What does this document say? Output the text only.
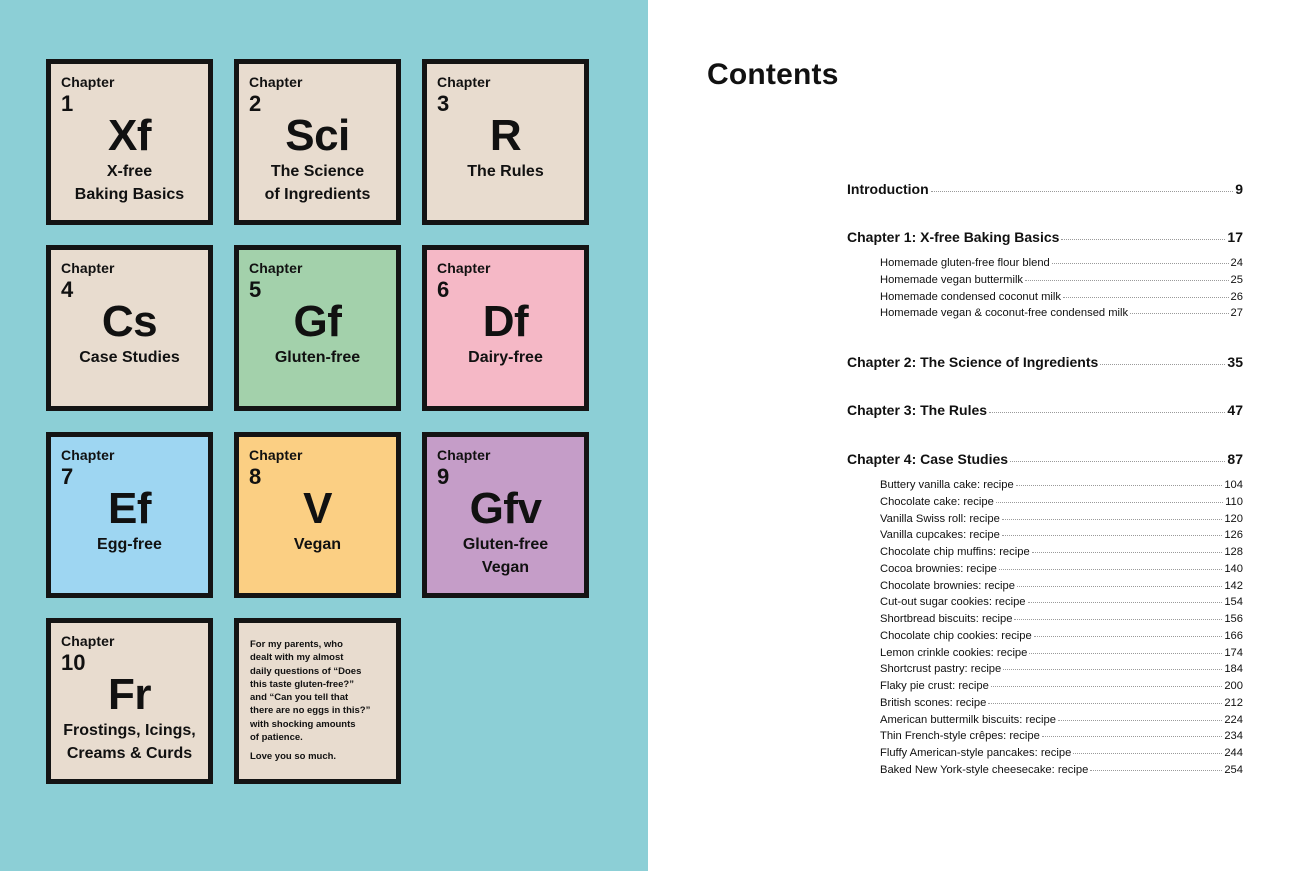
Chapter
1
Xf
X-free
Baking Basics
Chapter
2
Sci
The Science
of Ingredients
Chapter
3
R
The Rules
Chapter
4
Cs
Case Studies
Chapter
5
Gf
Gluten-free
Chapter
6
Df
Dairy-free
Chapter
7
Ef
Egg-free
Chapter
8
V
Vegan
Chapter
9
Gfv
Gluten-free
Vegan
Chapter
10
Fr
Frostings, Icings,
Creams & Curds
For my parents, who
dealt with my almost
daily questions of “Does
this taste gluten-free?”
and “Can you tell that
there are no eggs in this?”
with shocking amounts
of patience.
Love you so much.
Contents
Introduction	9
Chapter 1: X-free Baking Basics	17
Homemade gluten-free flour blend	24
Homemade vegan buttermilk	25
Homemade condensed coconut milk	26
Homemade vegan & coconut-free condensed milk	27
Chapter 2: The Science of Ingredients	35
Chapter 3: The Rules	47
Chapter 4: Case Studies	87
Buttery vanilla cake: recipe	104
Chocolate cake: recipe	110
Vanilla Swiss roll: recipe	120
Vanilla cupcakes: recipe	126
Chocolate chip muffins: recipe	128
Cocoa brownies: recipe	140
Chocolate brownies: recipe	142
Cut-out sugar cookies: recipe	154
Shortbread biscuits: recipe	156
Chocolate chip cookies: recipe	166
Lemon crinkle cookies: recipe	174
Shortcrust pastry: recipe	184
Flaky pie crust: recipe	200
British scones: recipe	212
American buttermilk biscuits: recipe	224
Thin French-style crêpes: recipe	234
Fluffy American-style pancakes: recipe	244
Baked New York-style cheesecake: recipe	254
